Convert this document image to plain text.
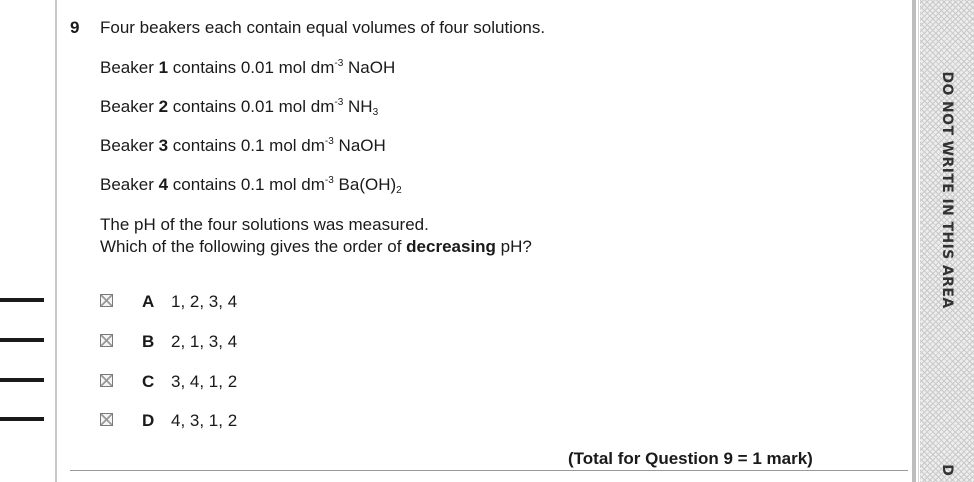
DO NOT WRITE IN THIS AREA
D
9 Four beakers each contain equal volumes of four solutions.
Beaker 1 contains 0.01 mol $dm^{-3}$ NaOH
Beaker 2 contains 0.01 mol $dm^{-3}$ $NH_3$
Beaker 3 contains 0.1 mol $dm^{-3}$ NaOH
Beaker 4 contains 0.1 mol $dm^{-3}$ $Ba(OH)_2$
The pH of the four solutions was measured.
Which of the following gives the order of decreasing pH?
A 1, 2, 3, 4
B 2, 1, 3, 4
C 3, 4, 1, 2
D 4, 3, 1, 2
(Total for Question 9 = 1 mark)
